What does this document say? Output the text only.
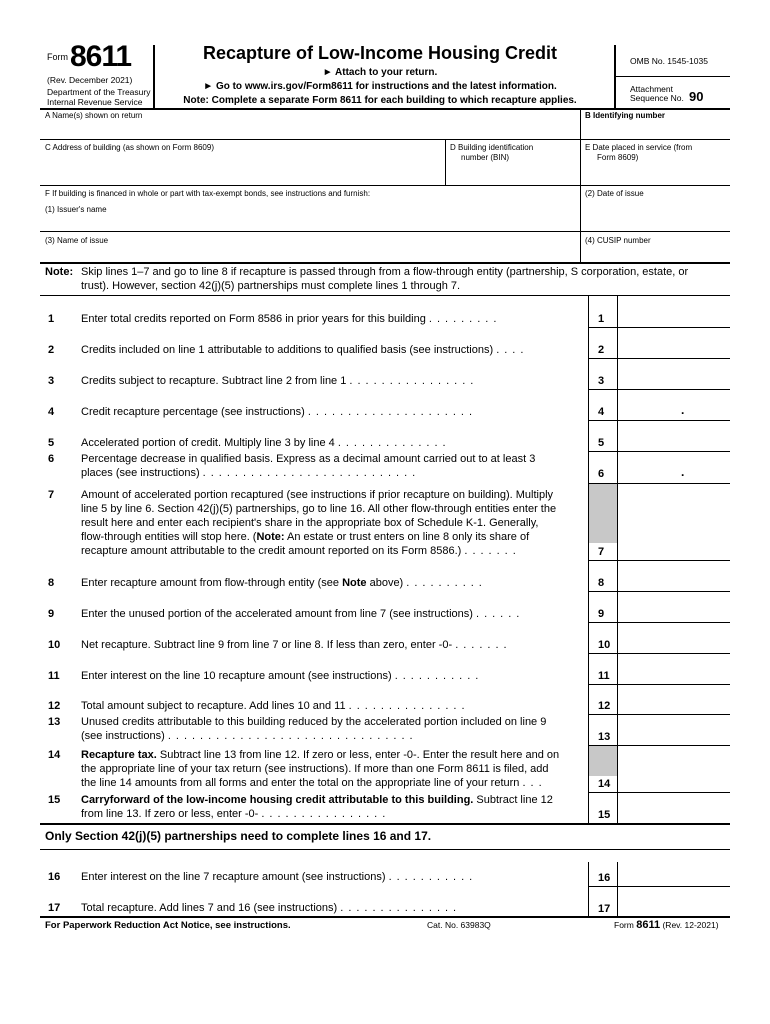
Form 8611
(Rev. December 2021)
Department of the Treasury
Internal Revenue Service
Recapture of Low-Income Housing Credit
► Attach to your return.
► Go to www.irs.gov/Form8611 for instructions and the latest information.
Note: Complete a separate Form 8611 for each building to which recapture applies.
OMB No. 1545-1035
Attachment
Sequence No. 90
A Name(s) shown on return	B Identifying number
C Address of building (as shown on Form 8609)	D Building identification
number (BIN)
E Date placed in service (from
Form 8609)
F If building is financed in whole or part with tax-exempt bonds, see instructions and furnish:
(1) Issuer's name
(2) Date of issue
(3) Name of issue	(4) CUSIP number
Note: Skip lines 1–7 and go to line 8 if recapture is passed through from a flow-through entity (partnership, S corporation, estate, or
trust). However, section 42(j)(5) partnerships must complete lines 1 through 7.
1	Enter total credits reported on Form 8586 in prior years for this building .........	1
2	Credits included on line 1 attributable to additions to qualified basis (see instructions) ....	2
3	Credits subject to recapture. Subtract line 2 from line 1 ................	3
4	Credit recapture percentage (see instructions) .....................	4	.
5	Accelerated portion of credit. Multiply line 3 by line 4 ..............	5
6	Percentage decrease in qualified basis. Express as a decimal amount carried out to at least 3
places (see instructions) ...........................	6	.
7	Amount of accelerated portion recaptured (see instructions if prior recapture on building). Multiply
line 5 by line 6. Section 42(j)(5) partnerships, go to line 16. All other flow-through entities enter the
result here and enter each recipient's share in the appropriate box of Schedule K-1. Generally,
flow-through entities will stop here. (Note: An estate or trust enters on line 8 only its share of
recapture amount attributable to the credit amount reported on its Form 8586.) .......	7
8	Enter recapture amount from flow-through entity (see Note above) ..........	8
9	Enter the unused portion of the accelerated amount from line 7 (see instructions) ......	9
10	Net recapture. Subtract line 9 from line 7 or line 8. If less than zero, enter -0- .......	10
11	Enter interest on the line 10 recapture amount (see instructions) ...........	11
12	Total amount subject to recapture. Add lines 10 and 11 ...............	12
13	Unused credits attributable to this building reduced by the accelerated portion included on line 9
(see instructions) ...............................	13
14	Recapture tax. Subtract line 13 from line 12. If zero or less, enter -0-. Enter the result here and on
the appropriate line of your tax return (see instructions). If more than one Form 8611 is filed, add
the line 14 amounts from all forms and enter the total on the appropriate line of your return ...	14
15	Carryforward of the low-income housing credit attributable to this building. Subtract line 12
from line 13. If zero or less, enter -0- ................	15
Only Section 42(j)(5) partnerships need to complete lines 16 and 17.
16	Enter interest on the line 7 recapture amount (see instructions) ...........	16
17	Total recapture. Add lines 7 and 16 (see instructions) ...............	17
For Paperwork Reduction Act Notice, see instructions.	Cat. No. 63983Q	Form 8611 (Rev. 12-2021)
